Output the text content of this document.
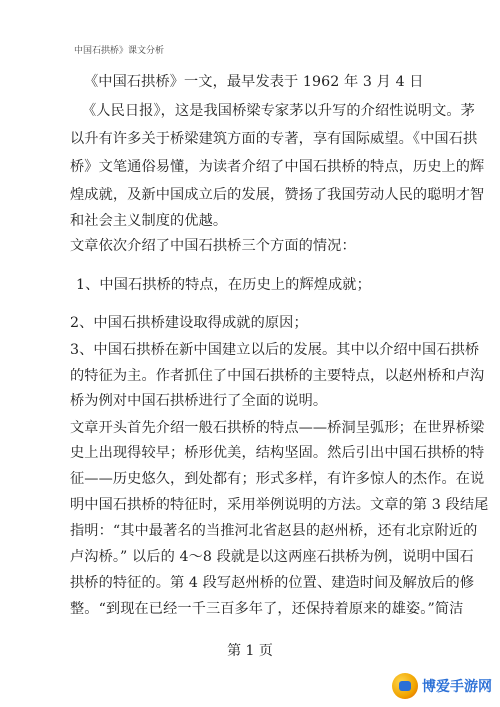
中国石拱桥》课文分析
《中国石拱桥》一文，最早发表于 1962 年 3 月 4 日
《人民日报》，这是我国桥梁专家茅以升写的介绍性说明文。茅
以升有许多关于桥梁建筑方面的专著，享有国际威望。《中国石拱
桥》文笔通俗易懂，为读者介绍了中国石拱桥的特点，历史上的辉
煌成就，及新中国成立后的发展，赞扬了我国劳动人民的聪明才智
和社会主义制度的优越。
文章依次介绍了中国石拱桥三个方面的情况：
1、中国石拱桥的特点，在历史上的辉煌成就；
2、中国石拱桥建设取得成就的原因；
3、中国石拱桥在新中国建立以后的发展。其中以介绍中国石拱桥
的特征为主。作者抓住了中国石拱桥的主要特点，以赵州桥和卢沟
桥为例对中国石拱桥进行了全面的说明。
文章开头首先介绍一般石拱桥的特点——桥洞呈弧形；在世界桥梁
史上出现得较早；桥形优美，结构坚固。然后引出中国石拱桥的特
征——历史悠久，到处都有；形式多样，有许多惊人的杰作。在说
明中国石拱桥的特征时，采用举例说明的方法。文章的第 3 段结尾
指明：“其中最著名的当推河北省赵县的赵州桥，还有北京附近的
卢沟桥。” 以后的 4～8 段就是以这两座石拱桥为例，说明中国石
拱桥的特征的。第 4 段写赵州桥的位置、建造时间及解放后的修
整。“到现在已经一千三百多年了，还保持着原来的雄姿。”简洁
第 1 页
博爱手游网
